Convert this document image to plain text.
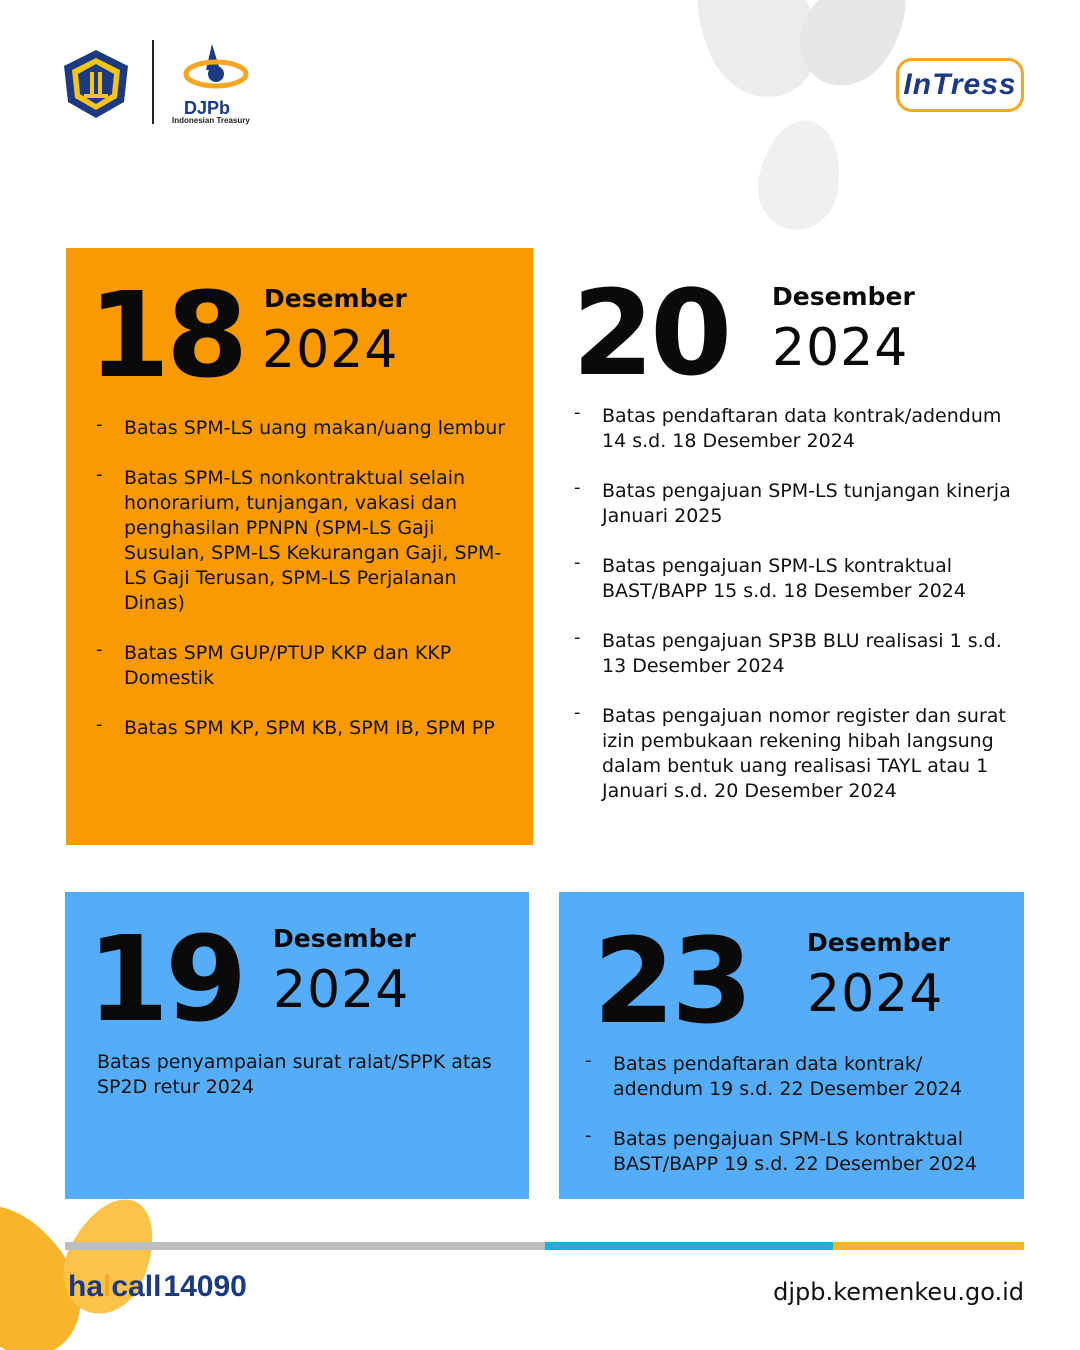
DJPb
Indonesian Treasury
InTress
18 Desember
2024
- Batas SPM-LS uang makan/uang lembur
- Batas SPM-LS nonkontraktual selain honorarium, tunjangan, vakasi dan penghasilan PPNPN (SPM-LS Gaji Susulan, SPM-LS Kekurangan Gaji, SPM-LS Gaji Terusan, SPM-LS Perjalanan Dinas)
- Batas SPM GUP/PTUP KKP dan KKP Domestik
- Batas SPM KP, SPM KB, SPM IB, SPM PP
20 Desember
2024
- Batas pendaftaran data kontrak/adendum 14 s.d. 18 Desember 2024
- Batas pengajuan SPM-LS tunjangan kinerja Januari 2025
- Batas pengajuan SPM-LS kontraktual BAST/BAPP 15 s.d. 18 Desember 2024
- Batas pengajuan SP3B BLU realisasi 1 s.d. 13 Desember 2024
- Batas pengajuan nomor register dan surat izin pembukaan rekening hibah langsung dalam bentuk uang realisasi TAYL atau 1 Januari s.d. 20 Desember 2024
19 Desember
2024
Batas penyampaian surat ralat/SPPK atas SP2D retur 2024
23 Desember
2024
- Batas pendaftaran data kontrak/ adendum 19 s.d. 22 Desember 2024
- Batas pengajuan SPM-LS kontraktual BAST/BAPP 19 s.d. 22 Desember 2024
halcall14090	djpb.kemenkeu.go.id
